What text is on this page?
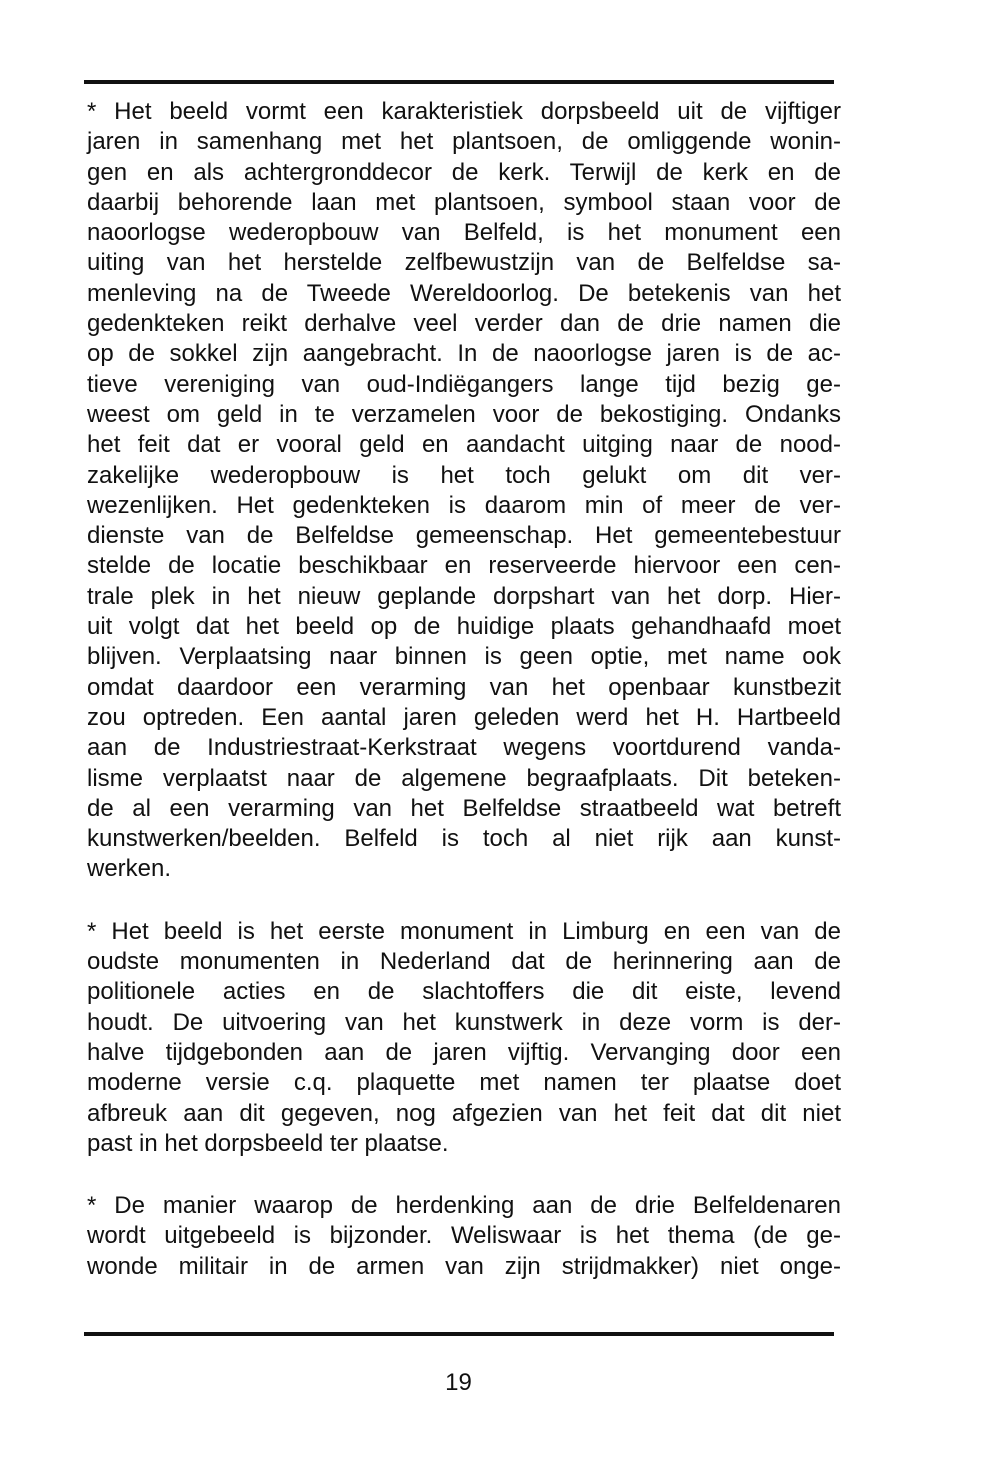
* Het beeld vormt een karakteristiek dorpsbeeld uit de vijftiger
jaren in samenhang met het plantsoen, de omliggende wonin-
gen en als achtergronddecor de kerk. Terwijl de kerk en de
daarbij behorende laan met plantsoen, symbool staan voor de
naoorlogse wederopbouw van Belfeld, is het monument een
uiting van het herstelde zelfbewustzijn van de Belfeldse sa-
menleving na de Tweede Wereldoorlog. De betekenis van het
gedenkteken reikt derhalve veel verder dan de drie namen die
op de sokkel zijn aangebracht. In de naoorlogse jaren is de ac-
tieve vereniging van oud-Indiëgangers lange tijd bezig ge-
weest om geld in te verzamelen voor de bekostiging. Ondanks
het feit dat er vooral geld en aandacht uitging naar de nood-
zakelijke wederopbouw is het toch gelukt om dit ver-
wezenlijken. Het gedenkteken is daarom min of meer de ver-
dienste van de Belfeldse gemeenschap. Het gemeentebestuur
stelde de locatie beschikbaar en reserveerde hiervoor een cen-
trale plek in het nieuw geplande dorpshart van het dorp. Hier-
uit volgt dat het beeld op de huidige plaats gehandhaafd moet
blijven. Verplaatsing naar binnen is geen optie, met name ook
omdat daardoor een verarming van het openbaar kunstbezit
zou optreden. Een aantal jaren geleden werd het H. Hartbeeld
aan de Industriestraat-Kerkstraat wegens voortdurend vanda-
lisme verplaatst naar de algemene begraafplaats. Dit beteken-
de al een verarming van het Belfeldse straatbeeld wat betreft
kunstwerken/beelden. Belfeld is toch al niet rijk aan kunst-
werken.
* Het beeld is het eerste monument in Limburg en een van de
oudste monumenten in Nederland dat de herinnering aan de
politionele acties en de slachtoffers die dit eiste, levend
houdt. De uitvoering van het kunstwerk in deze vorm is der-
halve tijdgebonden aan de jaren vijftig. Vervanging door een
moderne versie c.q. plaquette met namen ter plaatse doet
afbreuk aan dit gegeven, nog afgezien van het feit dat dit niet
past in het dorpsbeeld ter plaatse.
* De manier waarop de herdenking aan de drie Belfeldenaren
wordt uitgebeeld is bijzonder. Weliswaar is het thema (de ge-
wonde militair in de armen van zijn strijdmakker) niet onge-
19
